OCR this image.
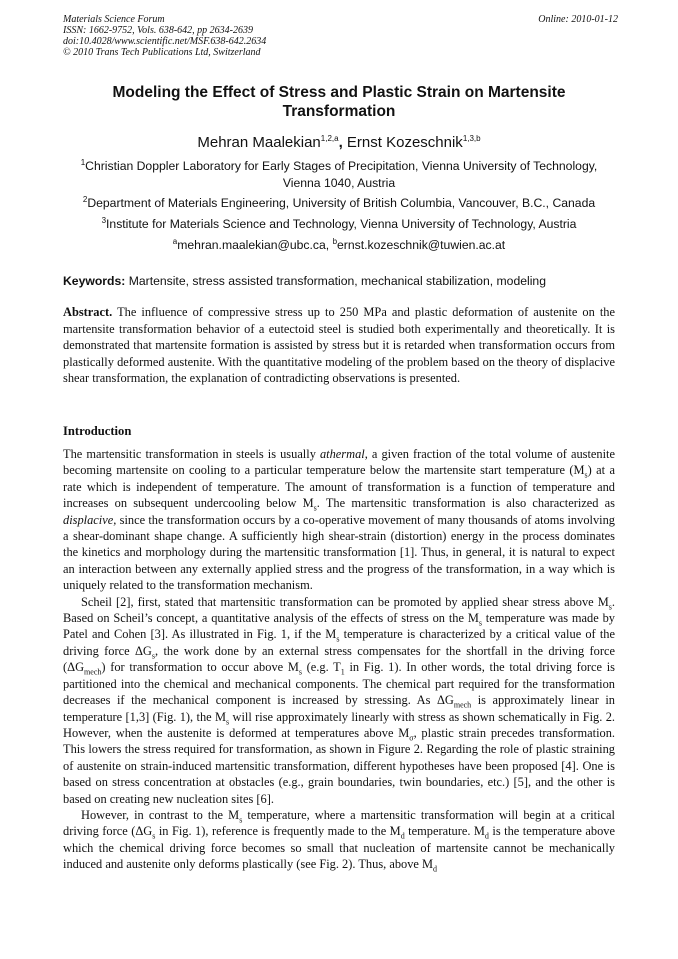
Materials Science Forum
ISSN: 1662-9752, Vols. 638-642, pp 2634-2639
doi:10.4028/www.scientific.net/MSF.638-642.2634
© 2010 Trans Tech Publications Ltd, Switzerland
Online: 2010-01-12
Modeling the Effect of Stress and Plastic Strain on Martensite Transformation
Mehran Maalekian$^{1,2,a}$, Ernst Kozeschnik$^{1,3,b}$
$^1$Christian Doppler Laboratory for Early Stages of Precipitation, Vienna University of Technology, Vienna 1040, Austria
$^2$Department of Materials Engineering, University of British Columbia, Vancouver, B.C., Canada
$^3$Institute for Materials Science and Technology, Vienna University of Technology, Austria
$^a$mehran.maalekian@ubc.ca, $^b$ernst.kozeschnik@tuwien.ac.at
Keywords: Martensite, stress assisted transformation, mechanical stabilization, modeling
Abstract. The influence of compressive stress up to 250 MPa and plastic deformation of austenite on the martensite transformation behavior of a eutectoid steel is studied both experimentally and theoretically. It is demonstrated that martensite formation is assisted by stress but it is retarded when transformation occurs from plastically deformed austenite. With the quantitative modeling of the problem based on the theory of displacive shear transformation, the explanation of contradicting observations is presented.
Introduction

The martensitic transformation in steels is usually athermal, a given fraction of the total volume of austenite becoming martensite on cooling to a particular temperature below the martensite start temperature $(M_s)$ at a rate which is independent of temperature. The amount of transformation is a function of temperature and increases on subsequent undercooling below $M_s$. The martensitic transformation is also characterized as displacive, since the transformation occurs by a co-operative movement of many thousands of atoms involving a shear-dominant shape change. A sufficiently high shear-strain (distortion) energy in the process dominates the kinetics and morphology during the martensitic transformation [1]. Thus, in general, it is natural to expect an interaction between any externally applied stress and the progress of the transformation, in a way which is uniquely related to the transformation mechanism.

Scheil [2], first, stated that martensitic transformation can be promoted by applied shear stress above $M_s$. Based on Scheil’s concept, a quantitative analysis of the effects of stress on the $M_s$ temperature was made by Patel and Cohen [3]. As illustrated in Fig. 1, if the $M_s$ temperature is characterized by a critical value of the driving force $\Delta G_s$, the work done by an external stress compensates for the shortfall in the driving force $(\Delta G_{mech})$ for transformation to occur above $M_s$ (e.g. $T_1$ in Fig. 1). In other words, the total driving force is partitioned into the chemical and mechanical components. The chemical part required for the transformation decreases if the mechanical component is increased by stressing. As $\Delta G_{mech}$ is approximately linear in temperature [1,3] (Fig. 1), the $M_s$ will rise approximately linearly with stress as shown schematically in Fig. 2. However, when the austenite is deformed at temperatures above $M_\sigma$, plastic strain precedes transformation. This lowers the stress required for transformation, as shown in Figure 2. Regarding the role of plastic straining of austenite on strain-induced martensitic transformation, different hypotheses have been proposed [4]. One is based on stress concentration at obstacles (e.g., grain boundaries, twin boundaries, etc.) [5], and the other is based on creating new nucleation sites [6].

However, in contrast to the $M_s$ temperature, where a martensitic transformation will begin at a critical driving force ($\Delta G_s$ in Fig. 1), reference is frequently made to the $M_d$ temperature. $M_d$ is the temperature above which the chemical driving force becomes so small that nucleation of martensite cannot be mechanically induced and austenite only deforms plastically (see Fig. 2). Thus, above $M_d$
